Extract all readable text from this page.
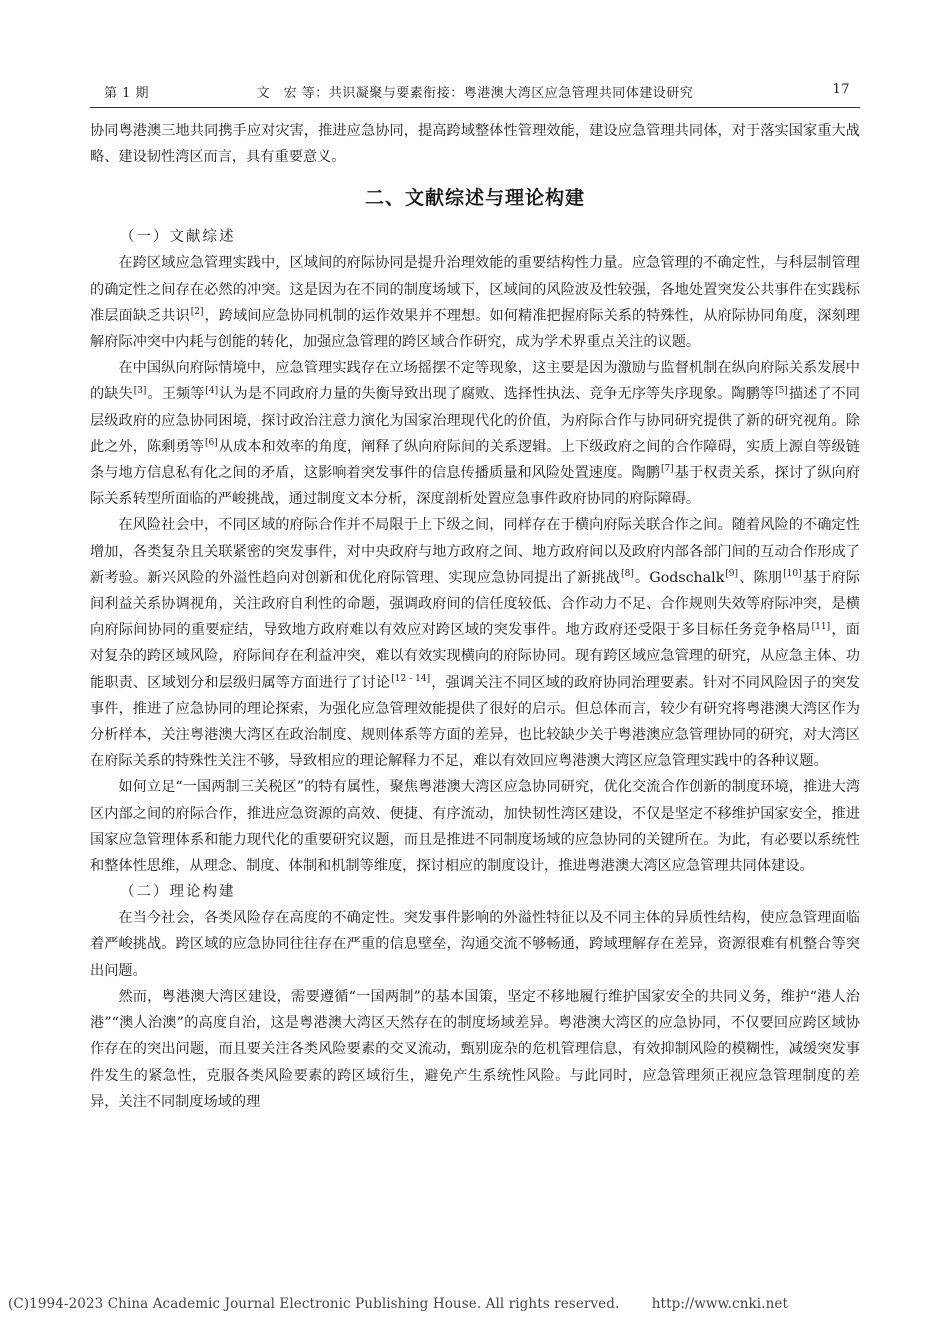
第 1 期	文　宏 等：共识凝聚与要素衔接：粤港澳大湾区应急管理共同体建设研究	17

协同粤港澳三地共同携手应对灾害，推进应急协同，提高跨域整体性管理效能，建设应急管理共同体，对于落实国家重大战略、建设韧性湾区而言，具有重要意义。

二、文献综述与理论构建
（一）文献综述

在跨区域应急管理实践中，区域间的府际协同是提升治理效能的重要结构性力量。应急管理的不确定性，与科层制管理的确定性之间存在必然的冲突。这是因为在不同的制度场域下，区域间的风险波及性较强，各地处置突发公共事件在实践标准层面缺乏共识[2]，跨域间应急协同机制的运作效果并不理想。如何精准把握府际关系的特殊性，从府际协同角度，深刻理解府际冲突中内耗与创能的转化，加强应急管理的跨区域合作研究，成为学术界重点关注的议题。

在中国纵向府际情境中，应急管理实践存在立场摇摆不定等现象，这主要是因为激励与监督机制在纵向府际关系发展中的缺失[3]。王频等[4]认为是不同政府力量的失衡导致出现了腐败、选择性执法、竞争无序等失序现象。陶鹏等[5]描述了不同层级政府的应急协同困境，探讨政治注意力演化为国家治理现代化的价值，为府际合作与协同研究提供了新的研究视角。除此之外，陈剩勇等[6]从成本和效率的角度，阐释了纵向府际间的关系逻辑。上下级政府之间的合作障碍，实质上源自等级链条与地方信息私有化之间的矛盾，这影响着突发事件的信息传播质量和风险处置速度。陶鹏[7]基于权责关系，探讨了纵向府际关系转型所面临的严峻挑战，通过制度文本分析，深度剖析处置应急事件政府协同的府际障碍。

在风险社会中，不同区域的府际合作并不局限于上下级之间，同样存在于横向府际关联合作之间。随着风险的不确定性增加，各类复杂且关联紧密的突发事件，对中央政府与地方政府之间、地方政府间以及政府内部各部门间的互动合作形成了新考验。新兴风险的外溢性趋向对创新和优化府际管理、实现应急协同提出了新挑战[8]。Godschalk[9]、陈朋[10]基于府际间利益关系协调视角，关注政府自利性的命题，强调政府间的信任度较低、合作动力不足、合作规则失效等府际冲突，是横向府际间协同的重要症结，导致地方政府难以有效应对跨区域的突发事件。地方政府还受限于多目标任务竞争格局[11]，面对复杂的跨区域风险，府际间存在利益冲突，难以有效实现横向的府际协同。现有跨区域应急管理的研究，从应急主体、功能职责、区域划分和层级归属等方面进行了讨论[12 - 14]，强调关注不同区域的政府协同治理要素。针对不同风险因子的突发事件，推进了应急协同的理论探索，为强化应急管理效能提供了很好的启示。但总体而言，较少有研究将粤港澳大湾区作为分析样本，关注粤港澳大湾区在政治制度、规则体系等方面的差异，也比较缺少关于粤港澳应急管理协同的研究，对大湾区在府际关系的特殊性关注不够，导致相应的理论解释力不足，难以有效回应粤港澳大湾区应急管理实践中的各种议题。

如何立足“一国两制三关税区”的特有属性，聚焦粤港澳大湾区应急协同研究，优化交流合作创新的制度环境，推进大湾区内部之间的府际合作，推进应急资源的高效、便捷、有序流动，加快韧性湾区建设，不仅是坚定不移维护国家安全，推进国家应急管理体系和能力现代化的重要研究议题，而且是推进不同制度场域的应急协同的关键所在。为此，有必要以系统性和整体性思维，从理念、制度、体制和机制等维度，探讨相应的制度设计，推进粤港澳大湾区应急管理共同体建设。

（二）理论构建

在当今社会，各类风险存在高度的不确定性。突发事件影响的外溢性特征以及不同主体的异质性结构，使应急管理面临着严峻挑战。跨区域的应急协同往往存在严重的信息壁垒，沟通交流不够畅通，跨域理解存在差异，资源很难有机整合等突出问题。

然而，粤港澳大湾区建设，需要遵循“一国两制”的基本国策，坚定不移地履行维护国家安全的共同义务，维护“港人治港”“澳人治澳”的高度自治，这是粤港澳大湾区天然存在的制度场域差异。粤港澳大湾区的应急协同，不仅要回应跨区域协作存在的突出问题，而且要关注各类风险要素的交叉流动，甄别庞杂的危机管理信息，有效抑制风险的模糊性，减缓突发事件发生的紧急性，克服各类风险要素的跨区域衍生，避免产生系统性风险。与此同时，应急管理须正视应急管理制度的差异，关注不同制度场域的理

(C)1994-2023 China Academic Journal Electronic Publishing House. All rights reserved. http://www.cnki.net
